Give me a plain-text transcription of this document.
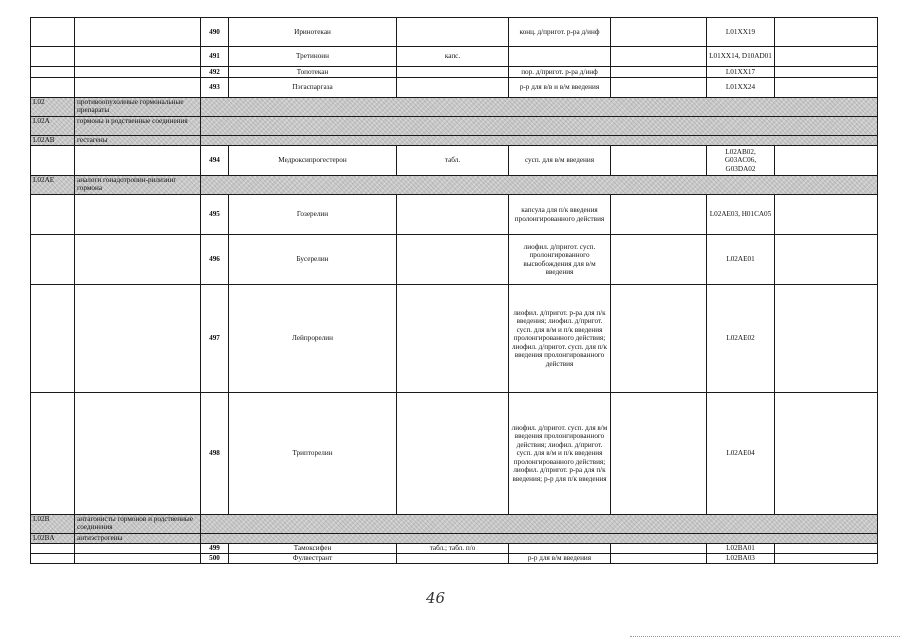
		490	Иринотекан		конц. д/пригот. р-ра д/инф		L01XX19	
		491	Третиноин	капс.			L01XX14, D10AD01	
		492	Топотекан		пор. д/пригот. р-ра д/инф		L01XX17	
		493	Пэгаспаргаза		р-р для в/в и в/м введения		L01XX24	
L02	противоопухолевые гормональные препараты							
L02A	гормоны и родственные соединения							
L02AB	гестагены							
		494	Медроксипрогестерон	табл.	сусп. для в/м введения		L02AB02, G03AC06, G03DA02	
L02AE	аналоги гонадотропин-рилизинг гормона							
		495	Гозерелин		капсула для п/к введения пролонгированного действия		L02AE03, H01CA05	
		496	Бусерелин		лиофил. д/пригот. сусп. пролонгированного высвобождения для в/м введения		L02AE01	
		497	Лейпрорелин		лиофил. д/пригот. р-ра для п/к введения; лиофил. д/пригот. сусп. для в/м и п/к введения пролонгированного действия; лиофил. д/пригот. сусп. для п/к введения пролонгированного действия		L02AE02	
		498	Трипторелин		лиофил. д/пригот. сусп. для в/м введения пролонгированного действия; лиофил. д/пригот. сусп. для в/м и п/к введения пролонгированного действия; лиофил. д/пригот. р-ра для п/к введения; р-р для п/к введения		L02AE04	
L02B	антагонисты гормонов и родственные соединения							
L02BA	антиэстрогены							
		499	Тамоксифен	табл.; табл. п/о			L02BA01	
		500	Фулвестрант		р-р для в/м введения		L02BA03	
46
